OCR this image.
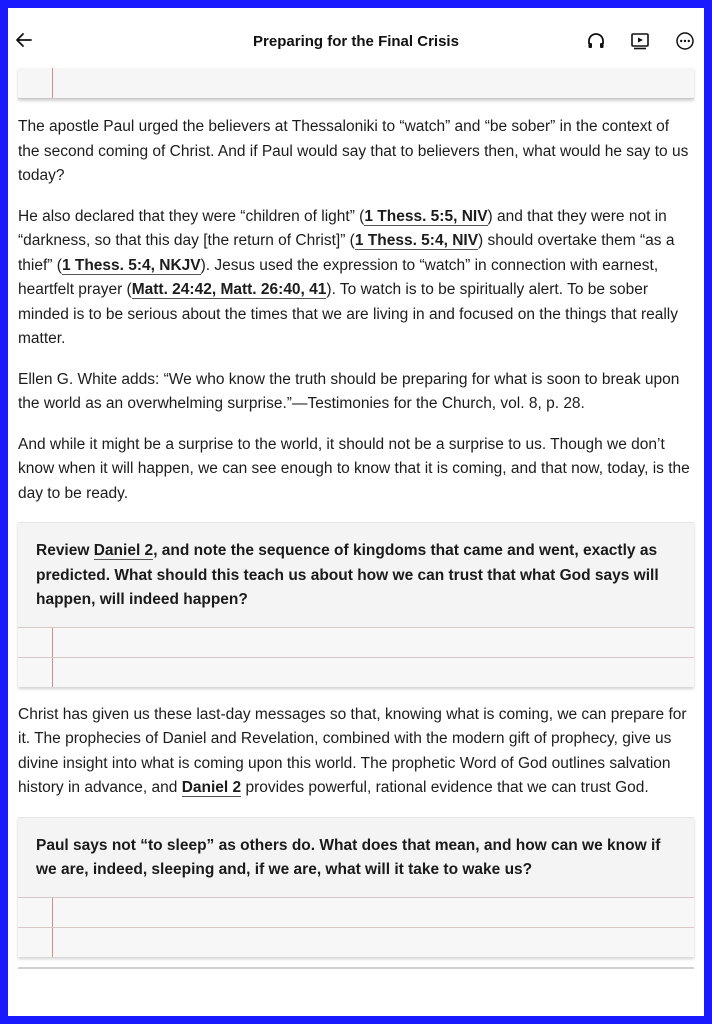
Preparing for the Final Crisis

The apostle Paul urged the believers at Thessaloniki to “watch” and “be sober” in the context of the second coming of Christ. And if Paul would say that to believers then, what would he say to us today?

He also declared that they were “children of light” (1 Thess. 5:5, NIV) and that they were not in “darkness, so that this day [the return of Christ]” (1 Thess. 5:4, NIV) should overtake them “as a thief” (1 Thess. 5:4, NKJV). Jesus used the expression to “watch” in connection with earnest, heartfelt prayer (Matt. 24:42, Matt. 26:40, 41). To watch is to be spiritually alert. To be sober minded is to be serious about the times that we are living in and focused on the things that really matter.

Ellen G. White adds: “We who know the truth should be preparing for what is soon to break upon the world as an overwhelming surprise.”—Testimonies for the Church, vol. 8, p. 28.

And while it might be a surprise to the world, it should not be a surprise to us. Though we don’t know when it will happen, we can see enough to know that it is coming, and that now, today, is the day to be ready.

Review Daniel 2, and note the sequence of kingdoms that came and went, exactly as predicted. What should this teach us about how we can trust that what God says will happen, will indeed happen?

Christ has given us these last-day messages so that, knowing what is coming, we can prepare for it. The prophecies of Daniel and Revelation, combined with the modern gift of prophecy, give us divine insight into what is coming upon this world. The prophetic Word of God outlines salvation history in advance, and Daniel 2 provides powerful, rational evidence that we can trust God.

Paul says not “to sleep” as others do. What does that mean, and how can we know if we are, indeed, sleeping and, if we are, what will it take to wake us?
